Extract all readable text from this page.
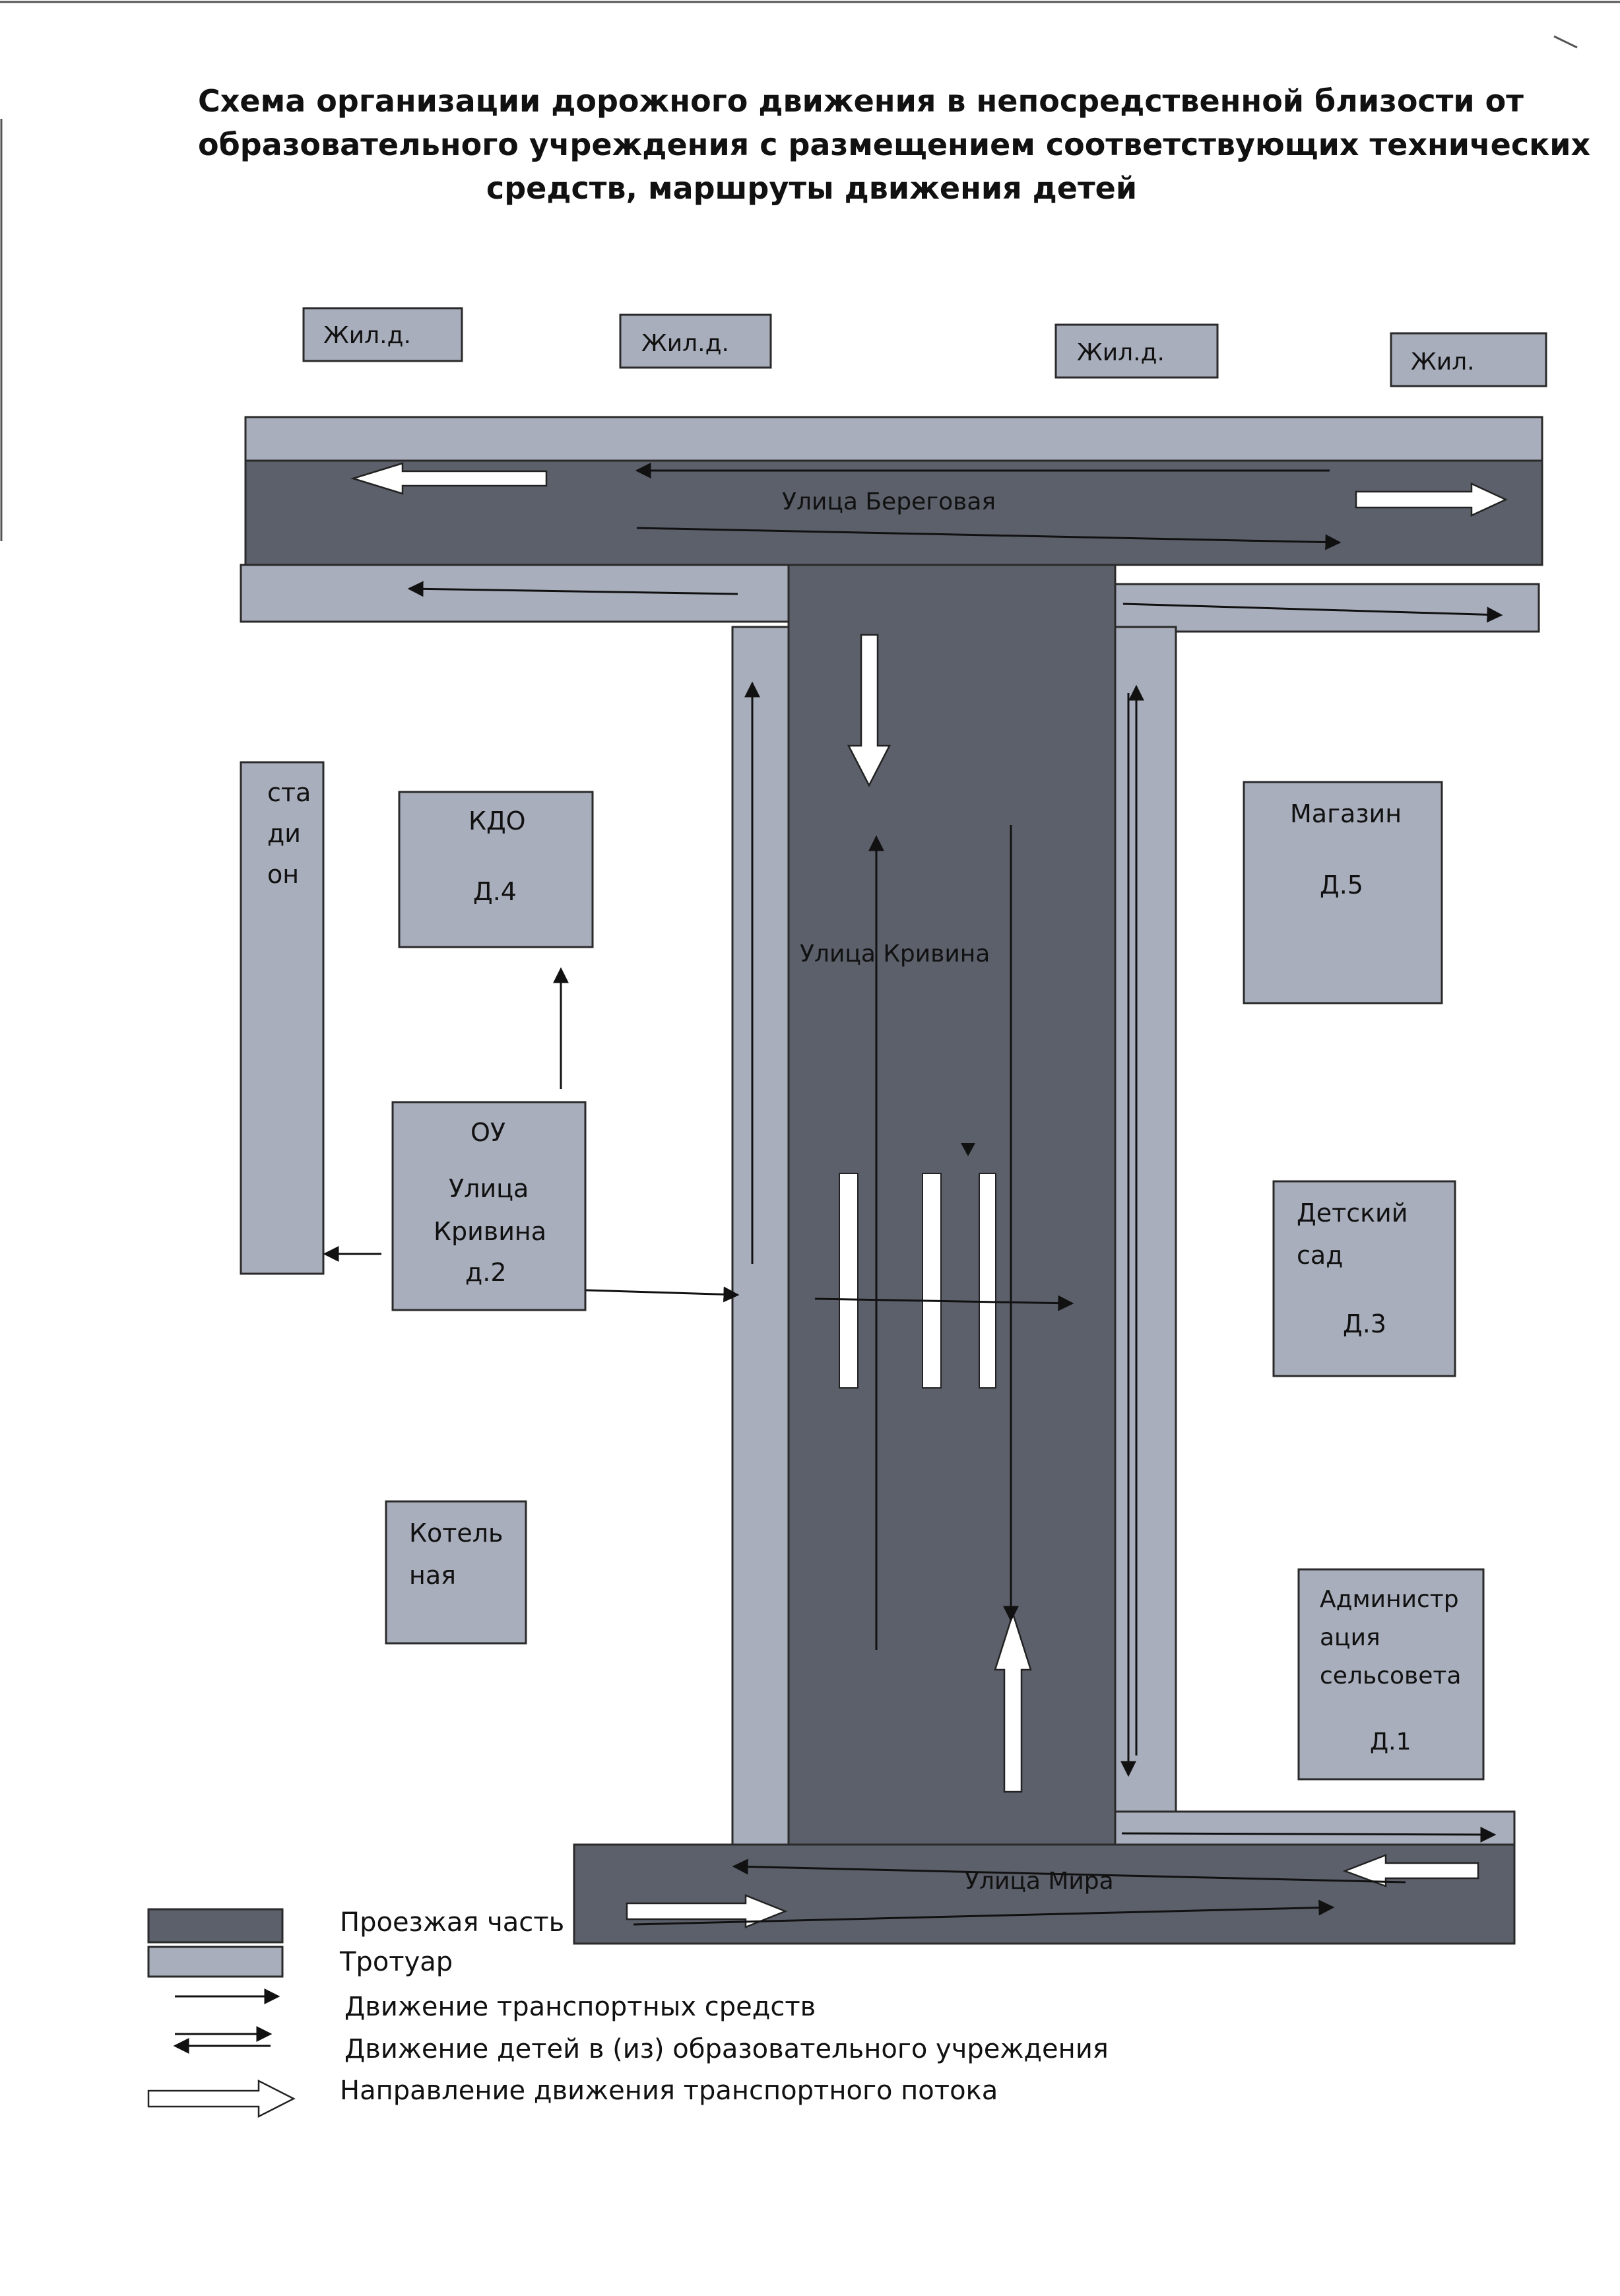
Схема организации дорожного движения в непосредственной близости от
образовательного учреждения с размещением соответствующих технических
средств, маршруты движения детей
Жил.д.	Жил.д.	Жил.д.	Жил.
Улица Береговая
Улица Кривина
Улица Мира
ста
ди
он
КДО
Д.4
ОУ
Улица
Кривина
д.2
Котель
ная
Магазин
Д.5
Детский
сад
Д.3
Администр
ация
сельсовета
Д.1
Проезжая часть
Тротуар
Движение транспортных средств
Движение детей в (из) образовательного учреждения
Направление движения транспортного потока
